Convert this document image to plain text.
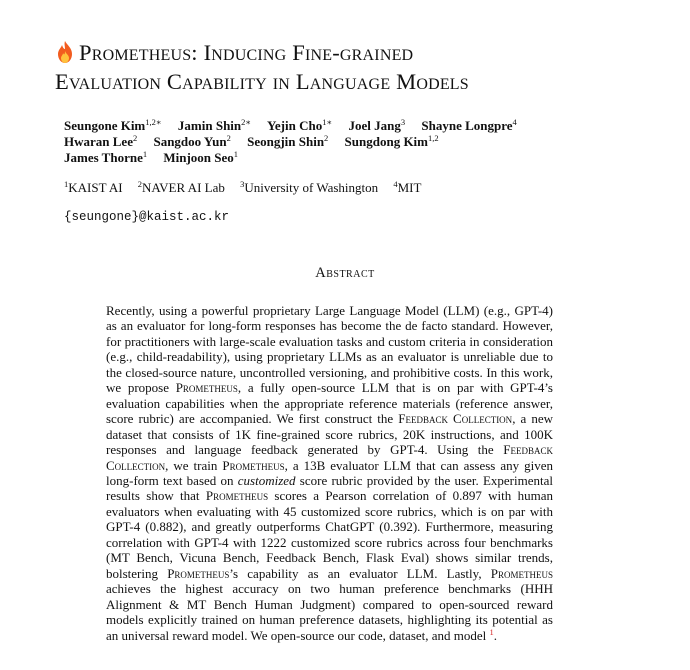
Prometheus: Inducing Fine-grained
Evaluation Capability in Language Models
Seungone Kim$^{1,2∗}$ Jamin Shin$^{2∗}$ Yejin Cho$^{1∗}$ Joel Jang$^3$ Shayne Longpre$^4$
Hwaran Lee$^2$ Sangdoo Yun$^2$ Seongjin Shin$^2$ Sungdong Kim$^{1,2}$
James Thorne$^1$ Minjoon Seo$^1$
$^1$KAIST AI $^2$NAVER AI Lab $^3$University of Washington $^4$MIT
{seungone}@kaist.ac.kr
Abstract
Recently, using a powerful proprietary Large Language Model (LLM) (e.g., GPT-4) as an evaluator for long-form responses has become the de facto standard. However, for practitioners with large-scale evaluation tasks and custom criteria in consideration (e.g., child-readability), using proprietary LLMs as an evaluator is unreliable due to the closed-source nature, uncontrolled versioning, and prohibitive costs. In this work, we propose Prometheus, a fully open-source LLM that is on par with GPT-4’s evaluation capabilities when the appropriate reference materials (reference answer, score rubric) are accompanied. We first construct the Feedback Collection, a new dataset that consists of 1K fine-grained score rubrics, 20K instructions, and 100K responses and language feedback generated by GPT-4. Using the Feedback Collection, we train Prometheus, a 13B evaluator LLM that can assess any given long-form text based on customized score rubric provided by the user. Experimental results show that Prometheus scores a Pearson correlation of 0.897 with human evaluators when evaluating with 45 customized score rubrics, which is on par with GPT-4 (0.882), and greatly outperforms ChatGPT (0.392). Furthermore, measuring correlation with GPT-4 with 1222 customized score rubrics across four benchmarks (MT Bench, Vicuna Bench, Feedback Bench, Flask Eval) shows similar trends, bolstering Prometheus’s capability as an evaluator LLM. Lastly, Prometheus achieves the highest accuracy on two human preference benchmarks (HHH Alignment & MT Bench Human Judgment) compared to open-sourced reward models explicitly trained on human preference datasets, highlighting its potential as an universal reward model. We open-source our code, dataset, and model $^1$.
